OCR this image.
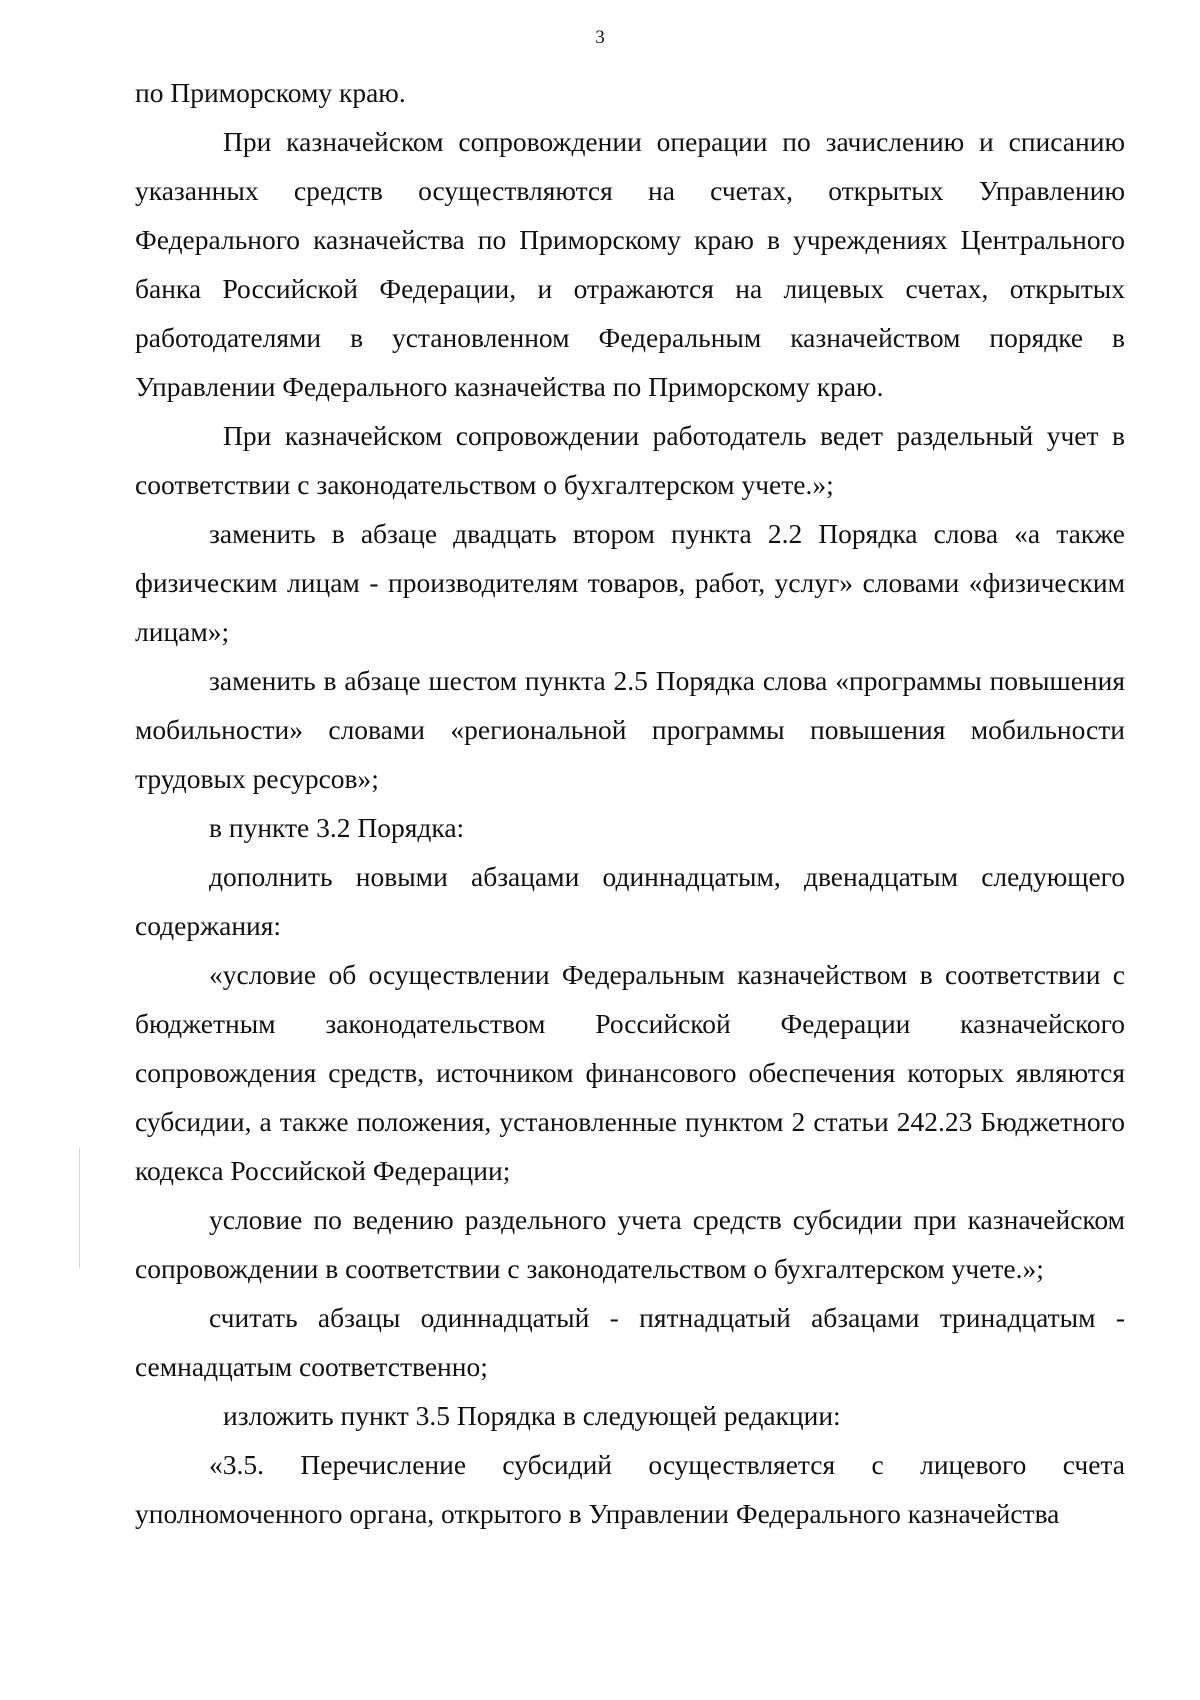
3

по Приморскому краю.

При казначейском сопровождении операции по зачислению и списанию указанных средств осуществляются на счетах, открытых Управлению Федерального казначейства по Приморскому краю в учреждениях Центрального банка Российской Федерации, и отражаются на лицевых счетах, открытых работодателями в установленном Федеральным казначейством порядке в Управлении Федерального казначейства по Приморскому краю.

При казначейском сопровождении работодатель ведет раздельный учет в соответствии с законодательством о бухгалтерском учете.»;

заменить в абзаце двадцать втором пункта 2.2 Порядка слова «а также физическим лицам - производителям товаров, работ, услуг» словами «физическим лицам»;

заменить в абзаце шестом пункта 2.5 Порядка слова «программы повышения мобильности» словами «региональной программы повышения мобильности трудовых ресурсов»;

в пункте 3.2 Порядка:

дополнить новыми абзацами одиннадцатым, двенадцатым следующего содержания:

«условие об осуществлении Федеральным казначейством в соответствии с бюджетным законодательством Российской Федерации казначейского сопровождения средств, источником финансового обеспечения которых являются субсидии, а также положения, установленные пунктом 2 статьи 242.23 Бюджетного кодекса Российской Федерации;

условие по ведению раздельного учета средств субсидии при казначейском сопровождении в соответствии с законодательством о бухгалтерском учете.»;

считать абзацы одиннадцатый - пятнадцатый абзацами тринадцатым - семнадцатым соответственно;

изложить пункт 3.5 Порядка в следующей редакции:

«3.5. Перечисление субсидий осуществляется с лицевого счета уполномоченного органа, открытого в Управлении Федерального казначейства
